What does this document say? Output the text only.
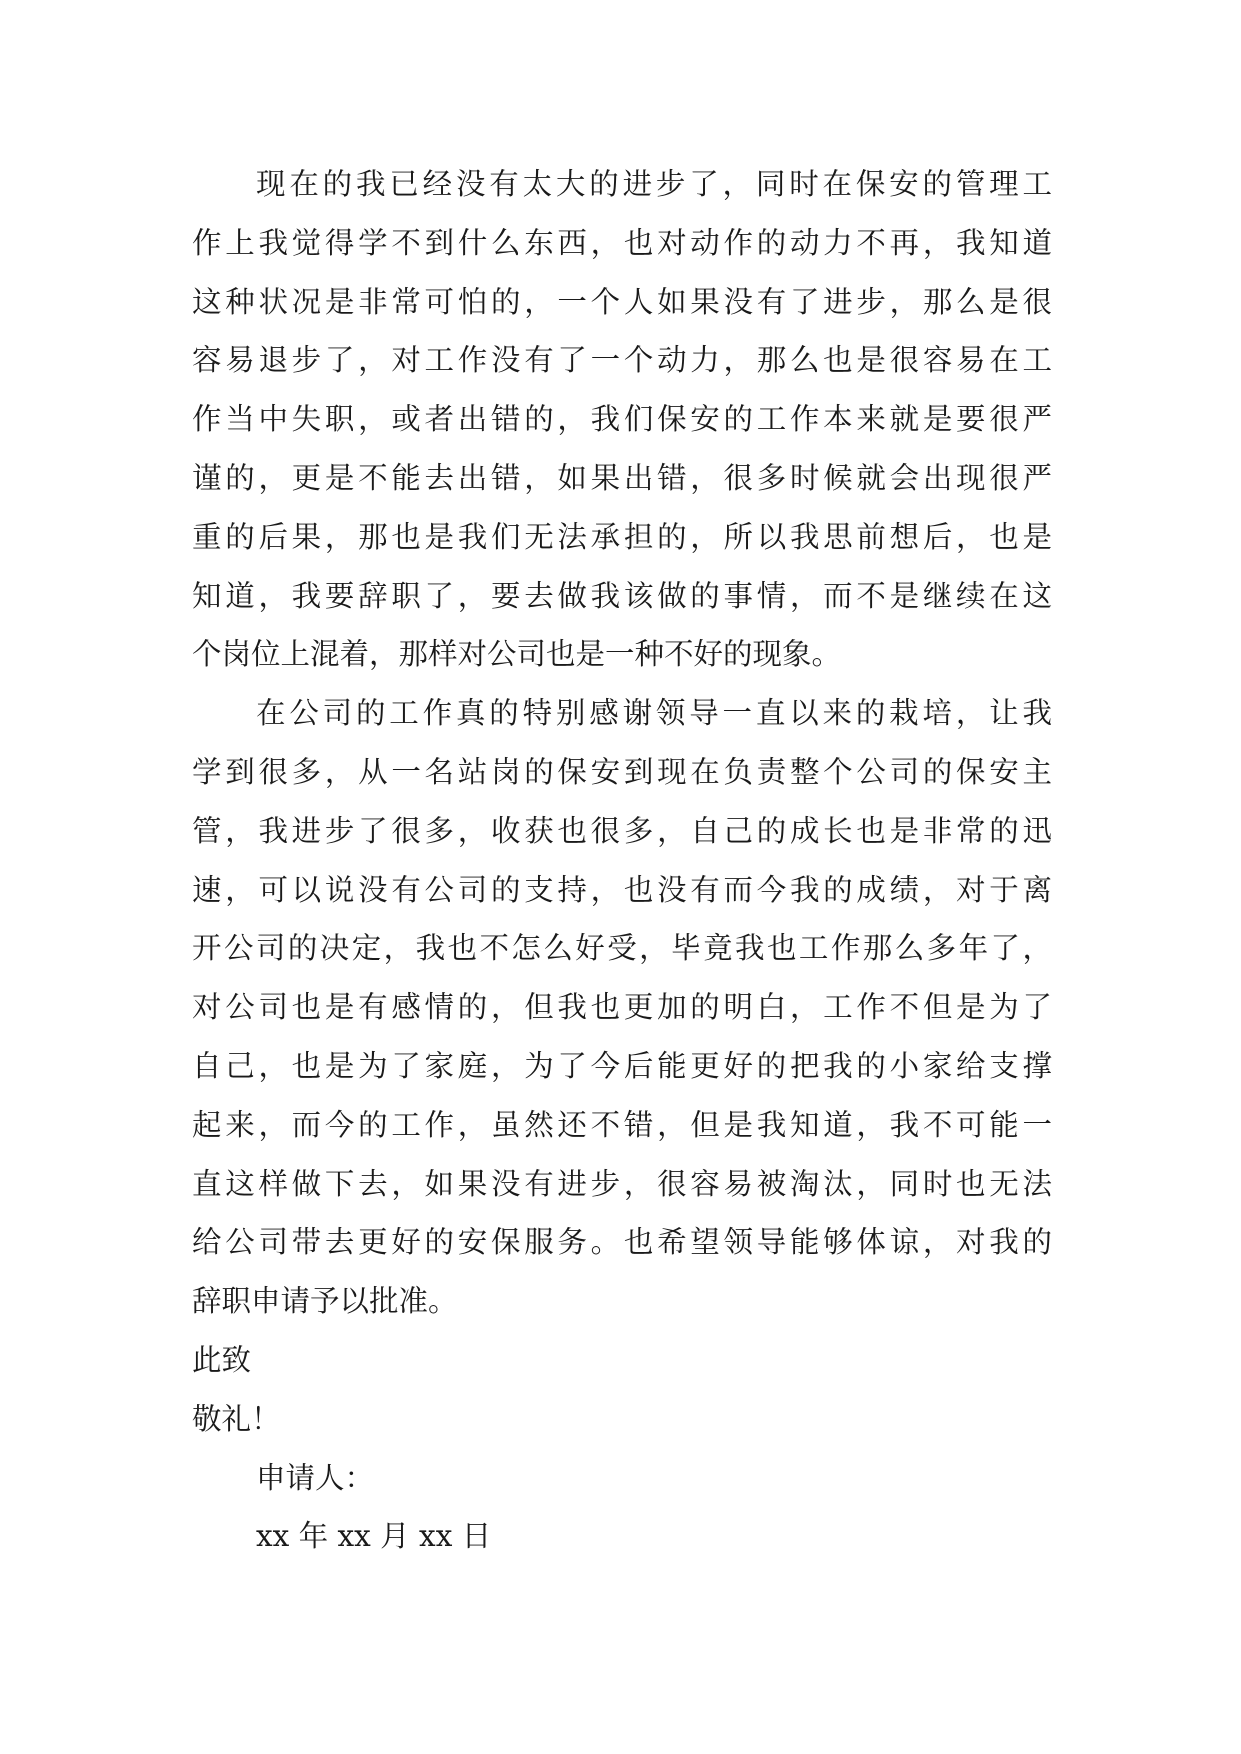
现在的我已经没有太大的进步了，同时在保安的管理工
作上我觉得学不到什么东西，也对动作的动力不再，我知道
这种状况是非常可怕的，一个人如果没有了进步，那么是很
容易退步了，对工作没有了一个动力，那么也是很容易在工
作当中失职，或者出错的，我们保安的工作本来就是要很严
谨的，更是不能去出错，如果出错，很多时候就会出现很严
重的后果，那也是我们无法承担的，所以我思前想后，也是
知道，我要辞职了，要去做我该做的事情，而不是继续在这
个岗位上混着，那样对公司也是一种不好的现象。
在公司的工作真的特别感谢领导一直以来的栽培，让我
学到很多，从一名站岗的保安到现在负责整个公司的保安主
管，我进步了很多，收获也很多，自己的成长也是非常的迅
速，可以说没有公司的支持，也没有而今我的成绩，对于离
开公司的决定，我也不怎么好受，毕竟我也工作那么多年了，
对公司也是有感情的，但我也更加的明白，工作不但是为了
自己，也是为了家庭，为了今后能更好的把我的小家给支撑
起来，而今的工作，虽然还不错，但是我知道，我不可能一
直这样做下去，如果没有进步，很容易被淘汰，同时也无法
给公司带去更好的安保服务。也希望领导能够体谅，对我的
辞职申请予以批准。
此致
敬礼！
申请人：
xx 年 xx 月 xx 日
